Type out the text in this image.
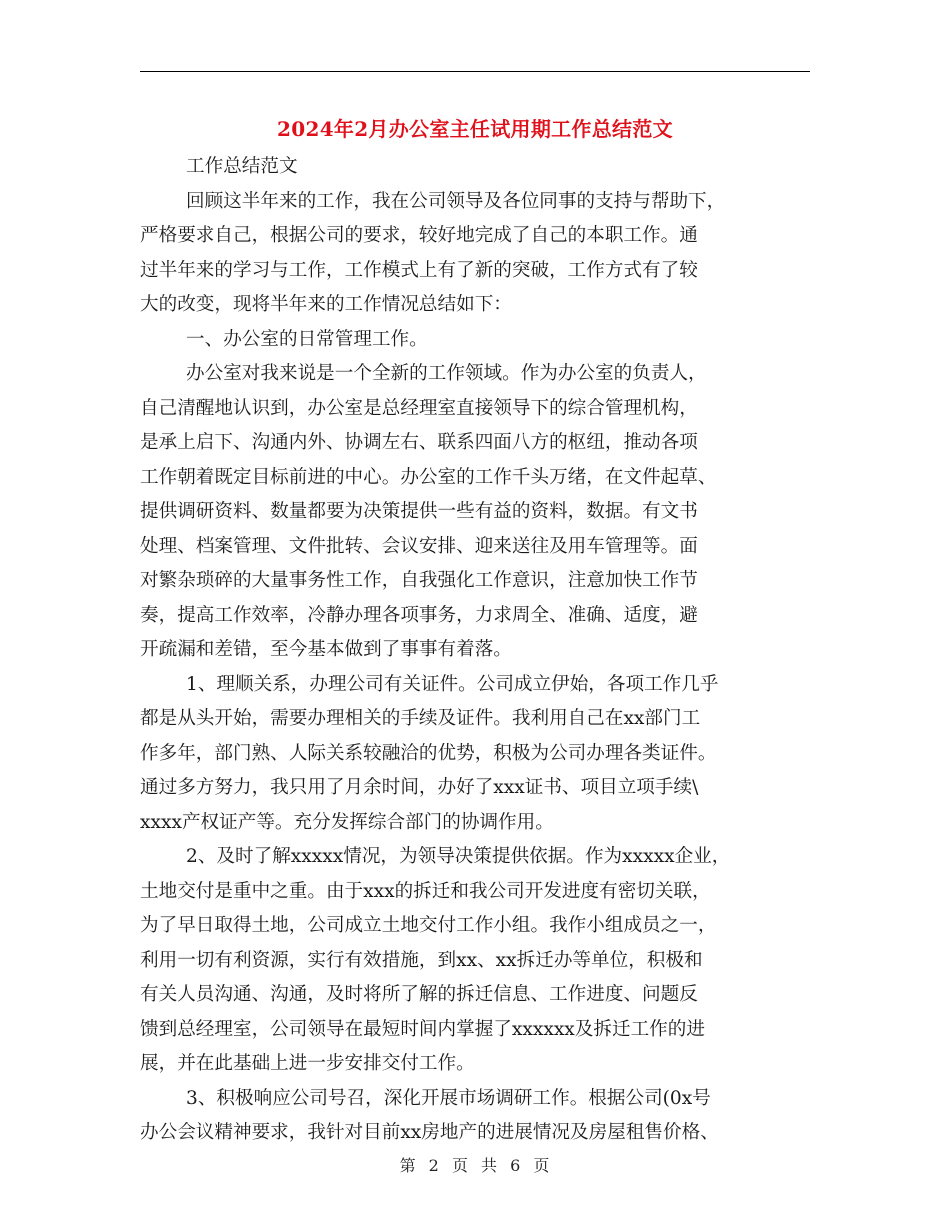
2024年2月办公室主任试用期工作总结范文
工作总结范文
回顾这半年来的工作，我在公司领导及各位同事的支持与帮助下，
严格要求自己，根据公司的要求，较好地完成了自己的本职工作。通
过半年来的学习与工作，工作模式上有了新的突破，工作方式有了较
大的改变，现将半年来的工作情况总结如下：
一、办公室的日常管理工作。
办公室对我来说是一个全新的工作领域。作为办公室的负责人，
自己清醒地认识到，办公室是总经理室直接领导下的综合管理机构，
是承上启下、沟通内外、协调左右、联系四面八方的枢纽，推动各项
工作朝着既定目标前进的中心。办公室的工作千头万绪，在文件起草、
提供调研资料、数量都要为决策提供一些有益的资料，数据。有文书
处理、档案管理、文件批转、会议安排、迎来送往及用车管理等。面
对繁杂琐碎的大量事务性工作，自我强化工作意识，注意加快工作节
奏，提高工作效率，冷静办理各项事务，力求周全、准确、适度，避
开疏漏和差错，至今基本做到了事事有着落。
1、理顺关系，办理公司有关证件。公司成立伊始，各项工作几乎
都是从头开始，需要办理相关的手续及证件。我利用自己在xx部门工
作多年，部门熟、人际关系较融洽的优势，积极为公司办理各类证件。
通过多方努力，我只用了月余时间，办好了xxx证书、项目立项手续\
xxxx产权证产等。充分发挥综合部门的协调作用。
2、及时了解xxxxx情况，为领导决策提供依据。作为xxxxx企业，
土地交付是重中之重。由于xxx的拆迁和我公司开发进度有密切关联，
为了早日取得土地，公司成立土地交付工作小组。我作小组成员之一，
利用一切有利资源，实行有效措施，到xx、xx拆迁办等单位，积极和
有关人员沟通、沟通，及时将所了解的拆迁信息、工作进度、问题反
馈到总经理室，公司领导在最短时间内掌握了xxxxxx及拆迁工作的进
展，并在此基础上进一步安排交付工作。
3、积极响应公司号召，深化开展市场调研工作。根据公司(0x号
办公会议精神要求，我针对目前xx房地产的进展情况及房屋租售价格、
第 2 页 共 6 页
